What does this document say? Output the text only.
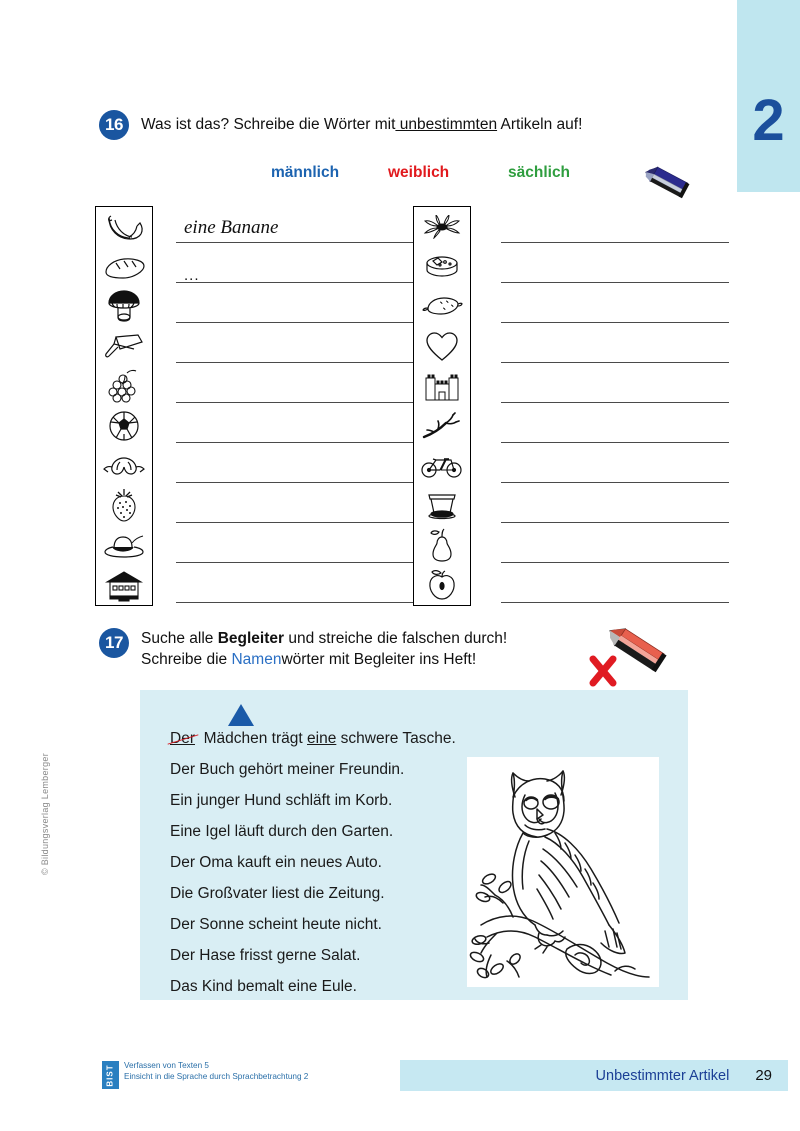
2
16	Was ist das? Schreibe die Wörter mit unbestimmten Artikeln auf!
männlich	weiblich	sächlich
eine Banane
...
17	Suche alle Begleiter und streiche die falschen durch!
Schreibe die Namenwörter mit Begleiter ins Heft!
Der Mädchen trägt eine schwere Tasche.
Der Buch gehört meiner Freundin.
Ein junger Hund schläft im Korb.
Eine Igel läuft durch den Garten.
Der Oma kauft ein neues Auto.
Die Großvater liest die Zeitung.
Der Sonne scheint heute nicht.
Der Hase frisst gerne Salat.
Das Kind bemalt eine Eule.
© Bildungsverlag Lemberger
BIST Verfassen von Texten 5
Einsicht in die Sprache durch Sprachbetrachtung 2	Unbestimmter Artikel 29
